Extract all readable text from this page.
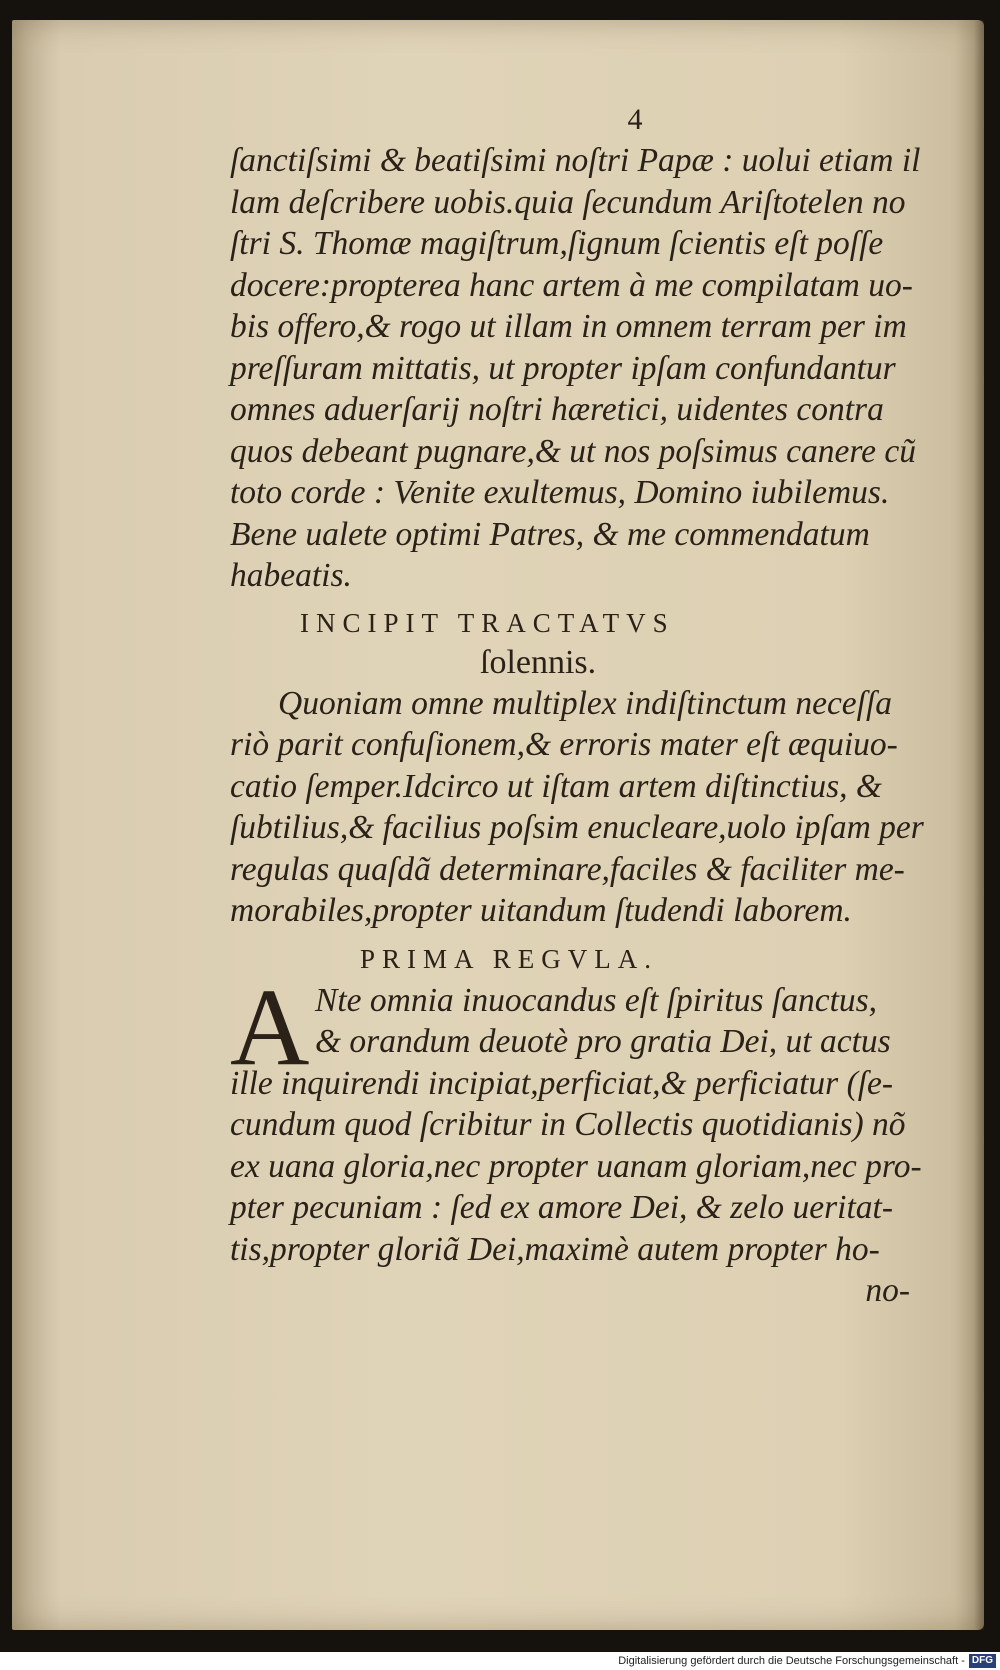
4
ſanctiſsimi & beatiſsimi noſtri Papæ : uolui etiam il
lam deſcribere uobis.quia ſecundum Ariſtotelen no
ſtri S. Thomæ magiſtrum,ſignum ſcientis eſt poſſe
docere:propterea hanc artem à me compilatam uo-
bis offero,& rogo ut illam in omnem terram per im
preſſuram mittatis, ut propter ipſam confundantur
omnes aduerſarij noſtri hæretici, uidentes contra
quos debeant pugnare,& ut nos poſsimus canere cũ
toto corde : Venite exultemus, Domino iubilemus.
Bene ualete optimi Patres, & me commendatum
habeatis.
INCIPIT TRACTATVS
ſolennis.
Quoniam omne multiplex indiſtinctum neceſſa
riò parit confuſionem,& erroris mater eſt æquiuo-
catio ſemper.Idcirco ut iſtam artem diſtinctius, &
ſubtilius,& facilius poſsim enucleare,uolo ipſam per
regulas quaſdã determinare,faciles & faciliter me-
morabiles,propter uitandum ſtudendi laborem.
PRIMA REGVLA.
A Nte omnia inuocandus eſt ſpiritus ſanctus,
& orandum deuotè pro gratia Dei, ut actus
ille inquirendi incipiat,perficiat,& perficiatur (ſe-
cundum quod ſcribitur in Collectis quotidianis) nõ
ex uana gloria,nec propter uanam gloriam,nec pro-
pter pecuniam : ſed ex amore Dei, & zelo ueritat-
tis,propter gloriã Dei,maximè autem propter ho-
no-
Digitalisierung gefördert durch die Deutsche Forschungsgemeinschaft - DFG
